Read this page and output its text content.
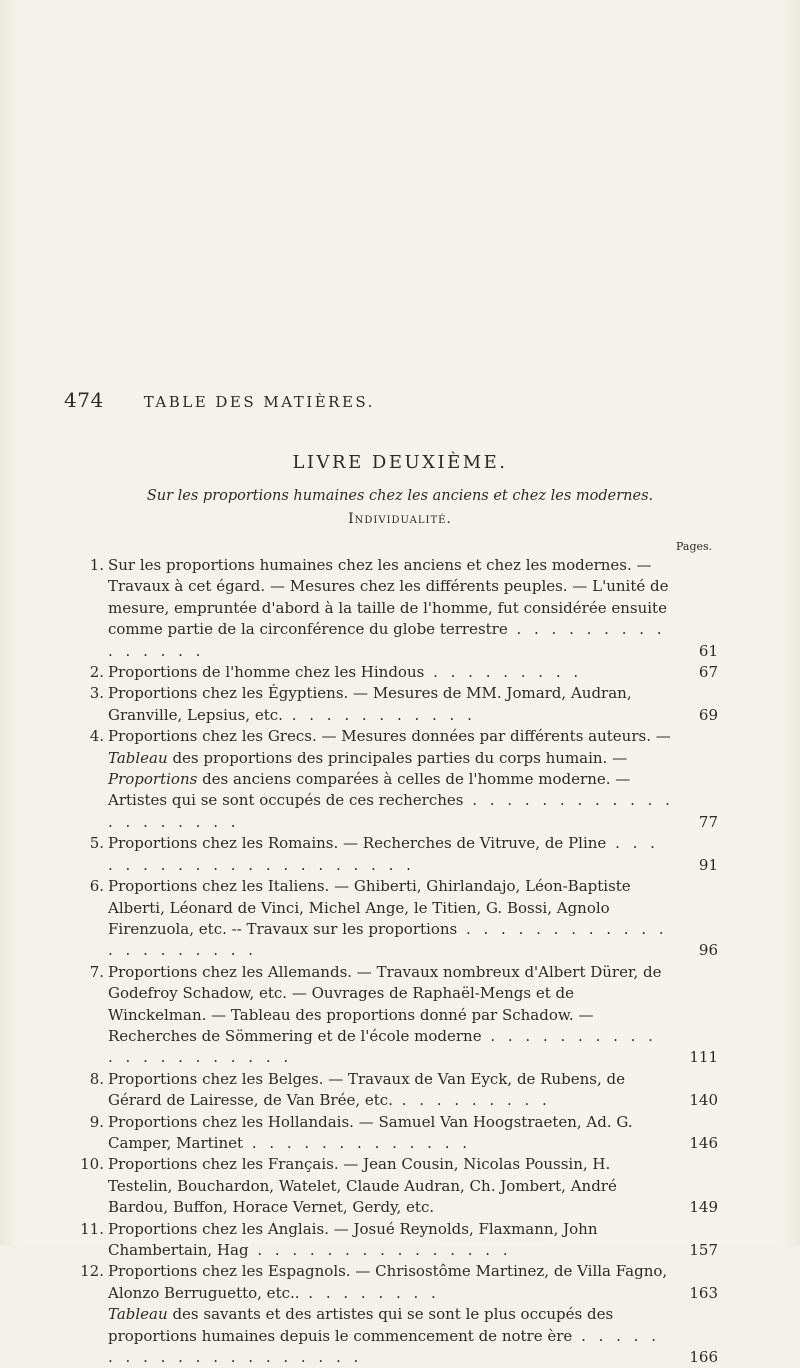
474	TABLE DES MATIÈRES.
LIVRE DEUXIÈME.
Sur les proportions humaines chez les anciens et chez les modernes.
Individualité.
Pages.
1. Sur les proportions humaines chez les anciens et chez les modernes. — Travaux à cet égard. — Mesures chez les différents peuples. — L'unité de mesure, empruntée d'abord à la taille de l'homme, fut considérée ensuite comme partie de la circonférence du globe terrestre . . . . . . . . . . . . . . .	61
2. Proportions de l'homme chez les Hindous . . . . . . . . .	67
3. Proportions chez les Égyptiens. — Mesures de MM. Jomard, Audran, Granville, Lepsius, etc. . . . . . . . . . . .	69
4. Proportions chez les Grecs. — Mesures données par différents auteurs. — Tableau des proportions des principales parties du corps humain. — Proportions des anciens comparées à celles de l'homme moderne. — Artistes qui se sont occupés de ces recherches . . . . . . . . . . . . . . . . . . . .	77
5. Proportions chez les Romains. — Recherches de Vitruve, de Pline . . . . . . . . . . . . . . . . . . . . .	91
6. Proportions chez les Italiens. — Ghiberti, Ghirlandajo, Léon-Baptiste Alberti, Léonard de Vinci, Michel Ange, le Titien, G. Bossi, Agnolo Firenzuola, etc. -- Travaux sur les proportions . . . . . . . . . . . . . . . . . . . . .	96
7. Proportions chez les Allemands. — Travaux nombreux d'Albert Dürer, de Godefroy Schadow, etc. — Ouvrages de Raphaël-Mengs et de Winckelman. — Tableau des proportions donné par Schadow. — Recherches de Sömmering et de l'école moderne . . . . . . . . . . . . . . . . . . . . .	111
8. Proportions chez les Belges. — Travaux de Van Eyck, de Rubens, de Gérard de Lairesse, de Van Brée, etc. . . . . . . . . .	140
9. Proportions chez les Hollandais. — Samuel Van Hoogstraeten, Ad. G. Camper, Martinet . . . . . . . . . . . . .	146
10. Proportions chez les Français. — Jean Cousin, Nicolas Poussin, H. Testelin, Bouchardon, Watelet, Claude Audran, Ch. Jombert, André Bardou, Buffon, Horace Vernet, Gerdy, etc.	149
11. Proportions chez les Anglais. — Josué Reynolds, Flaxmann, John Chambertain, Hag . . . . . . . . . . . . . . .	157
12. Proportions chez les Espagnols. — Chrisostôme Martinez, de Villa Fagno, Alonzo Berruguetto, etc.. . . . . . . . .	163
Tableau des savants et des artistes qui se sont le plus occupés des proportions humaines depuis le commencement de notre ère . . . . . . . . . . . . . . . . . . . .	166
